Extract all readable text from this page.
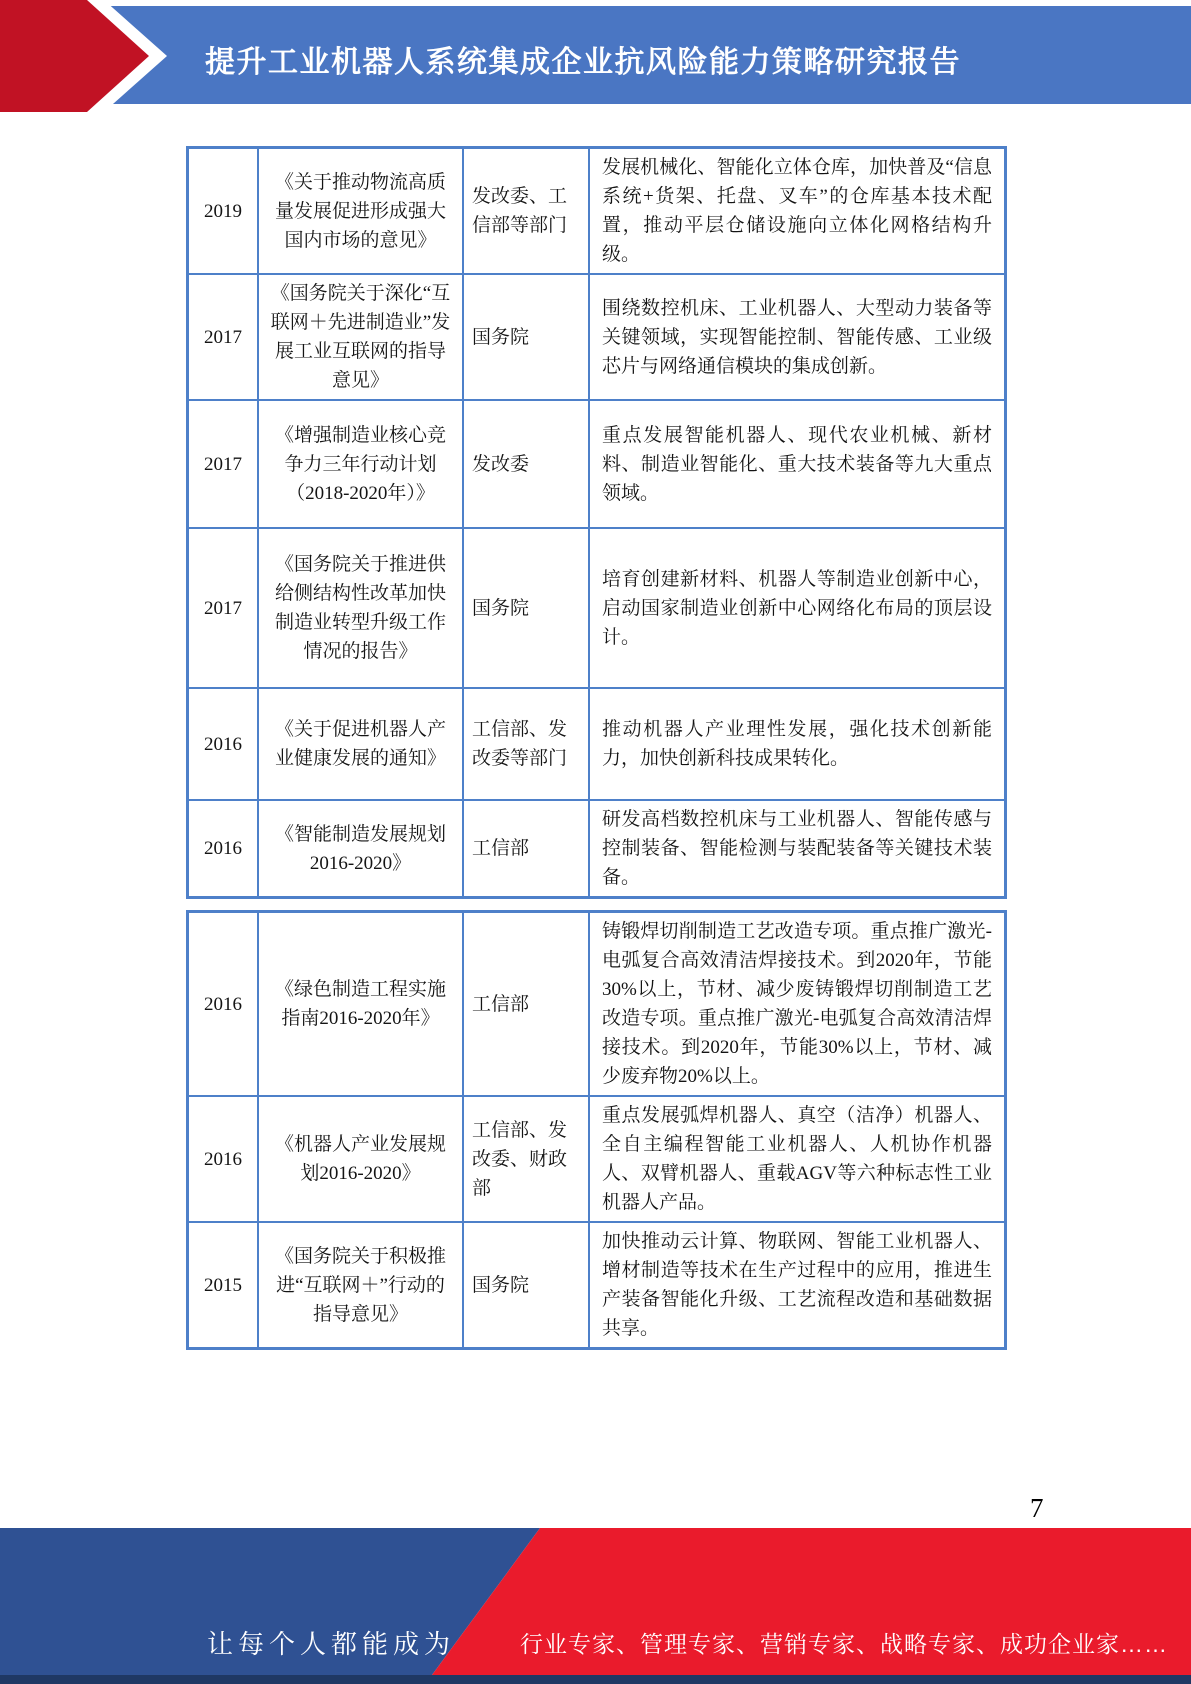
提升工业机器人系统集成企业抗风险能力策略研究报告
2019	《关于推动物流高质量发展促进形成强大国内市场的意见》	发改委、工信部等部门	发展机械化、智能化立体仓库，加快普及“信息系统+货架、托盘、叉车”的仓库基本技术配置，推动平层仓储设施向立体化网格结构升级。
2017	《国务院关于深化“互联网＋先进制造业”发展工业互联网的指导意见》	国务院	围绕数控机床、工业机器人、大型动力装备等关键领域，实现智能控制、智能传感、工业级芯片与网络通信模块的集成创新。
2017	《增强制造业核心竞争力三年行动计划（2018-2020年）》	发改委	重点发展智能机器人、现代农业机械、新材料、制造业智能化、重大技术装备等九大重点领域。
2017	《国务院关于推进供给侧结构性改革加快制造业转型升级工作情况的报告》	国务院	培育创建新材料、机器人等制造业创新中心，启动国家制造业创新中心网络化布局的顶层设计。
2016	《关于促进机器人产业健康发展的通知》	工信部、发改委等部门	推动机器人产业理性发展，强化技术创新能力，加快创新科技成果转化。
2016	《智能制造发展规划2016-2020》	工信部	研发高档数控机床与工业机器人、智能传感与控制装备、智能检测与装配装备等关键技术装备。
2016	《绿色制造工程实施指南2016-2020年》	工信部	铸锻焊切削制造工艺改造专项。重点推广激光-电弧复合高效清洁焊接技术。到2020年，节能30%以上，节材、减少废铸锻焊切削制造工艺改造专项。重点推广激光-电弧复合高效清洁焊接技术。到2020年，节能30%以上，节材、减少废弃物20%以上。
2016	《机器人产业发展规划2016-2020》	工信部、发改委、财政部	重点发展弧焊机器人、真空（洁净）机器人、全自主编程智能工业机器人、人机协作机器人、双臂机器人、重载AGV等六种标志性工业机器人产品。
2015	《国务院关于积极推进“互联网＋”行动的指导意见》	国务院	加快推动云计算、物联网、智能工业机器人、增材制造等技术在生产过程中的应用，推进生产装备智能化升级、工艺流程改造和基础数据共享。
7
让每个人都能成为	行业专家、管理专家、营销专家、战略专家、成功企业家……
